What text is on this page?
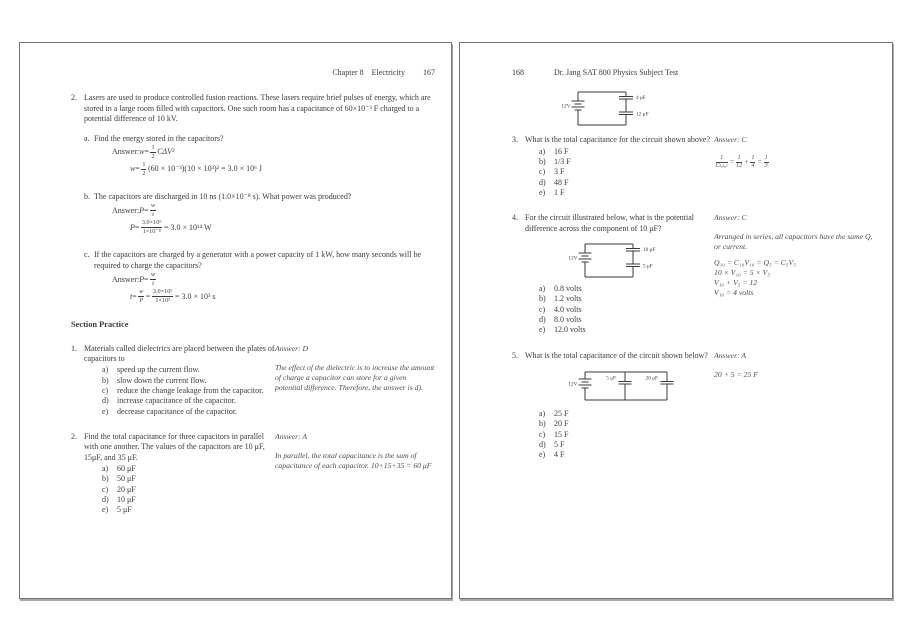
Chapter 8 Electricity 167
2. Lasers are used to produce controlled fusion reactions. These lasers require brief pulses of energy, which are stored in a large room filled with capacitors. One such room has a capacitance of 60×10⁻³ F charged to a potential difference of 10 kV.
a. Find the energy stored in the capacitors?
Answer: $w = \frac{1}{2} C\Delta V^2$
$w = \frac{1}{2} (60 \times 10^{-3})(10 \times 10^3)^2 = 3.0 \times 10^6$ J
b. The capacitors are discharged in 10 ns (1.0×10⁻⁸ s). What power was produced?
Answer: $P = \frac{w}{t}$
$P = \frac{\text{3.0×10⁶}}{\text{1×10⁻⁸}} = 3.0 \times 10^{14}$ W
c. If the capacitors are charged by a generator with a power capacity of 1 kW, how many seconds will be required to charge the capacitors?
Answer: $P = \frac{w}{t}$
$t = \frac{w}{P} = \frac{\text{3.0×10⁶}}{\text{1×10³}} = 3.0 \times 10^3$ s
Section Practice
1. Materials called dielectrics are placed between the plates of capacitors to
a)	speed up the current flow.
b)	slow down the current flow.
c)	reduce the change leakage from the capacitor.
d)	increase capacitance of the capacitor.
e)	decrease capacitance of the capacitor.
Answer: D
The effect of the dielectric is to increase the amount of charge a capacitor can store for a given potential difference. Therefore, the answer is d).
2. Find the total capacitance for three capacitors in parallel with one another. The values of the capacitors are 10 μF, 15μF, and 35 μF.
a)	60 μF
b)	50 μF
c)	20 μF
d)	10 μF
e)	5 μF
Answer: A
In parallel, the total capacitance is the sum of capacitance of each capacitor. 10+15+35 = 60 μF
168	Dr. Jang SAT 800 Physics Subject Test
12V
4 μF
12 μF
3. What is the total capacitance for the circuit shown above?
a)	16 F
b)	1/3 F
c)	3 F
d)	48 F
e)	1 F
Answer: C
$\frac{1}{\text{Cₜₒₜₐₗ}} = \frac{1}{12} + \frac{1}{4} = \frac{1}{3}$
4. For the circuit illustrated below, what is the potential difference across the component of 10 μF?
12V
10 μF
5 μF
a)	0.8 volts
b)	1.2 volts
c)	4.0 volts
d)	8.0 volts
e)	12.0 volts
Answer: C
Arranged in series, all capacitors have the same Q, or current.
Q₁₀ = C₁₀V₁₀ = Q₅ = C₅V₅
10 × V₁₀ = 5 × V₅
V₁₀ + V₅ = 12
V₁₀ = 4 volts
5. What is the total capacitance of the circuit shown below?
12V
5 μF	20 μF
a)	25 F
b)	20 F
c)	15 F
d)	5 F
e)	4 F
Answer: A
20 + 5 = 25 F
